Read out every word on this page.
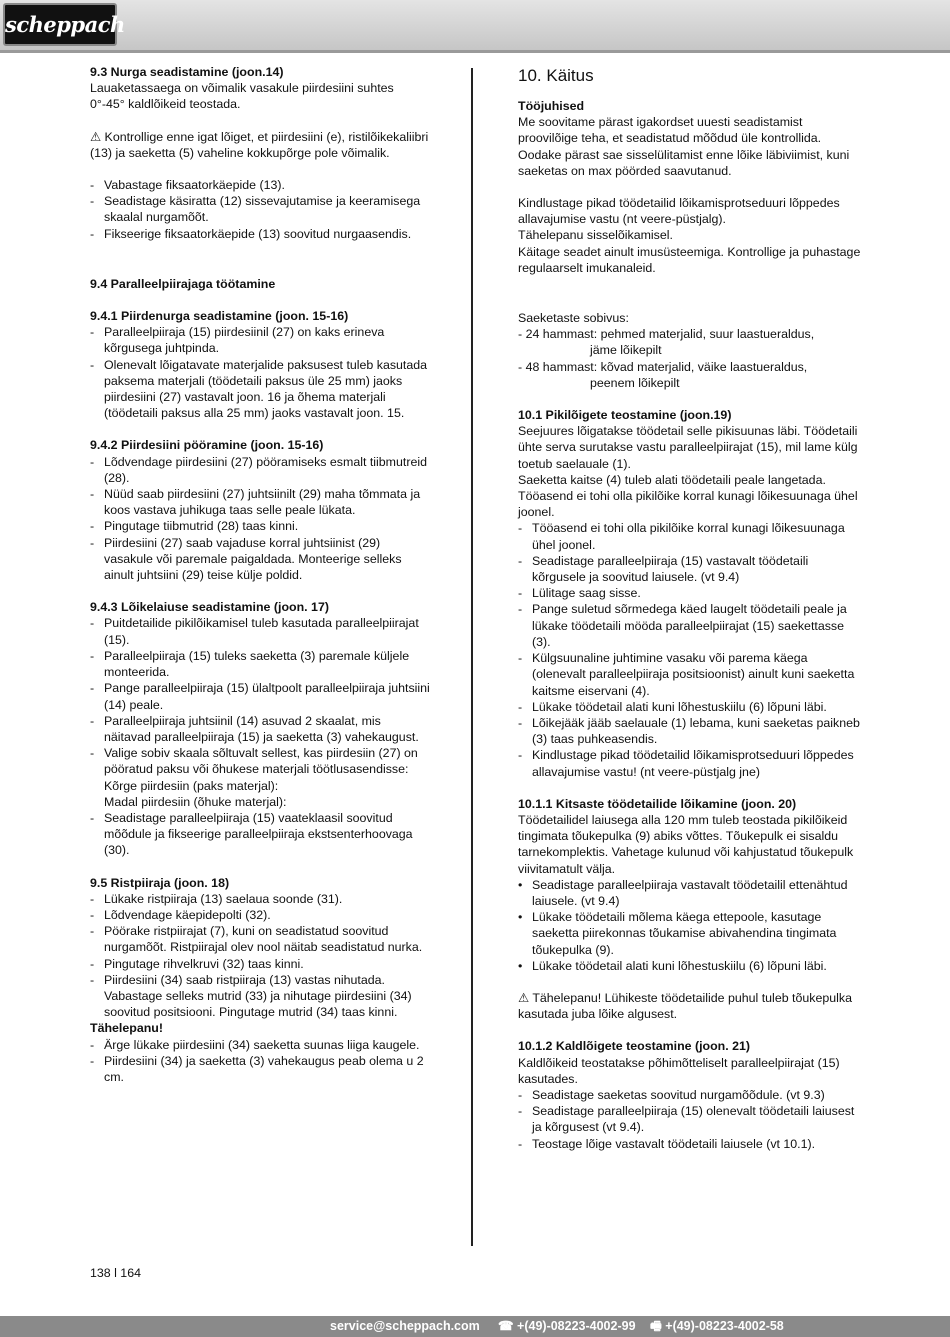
scheppach

9.3 Nurga seadistamine (joon.14)

Lauaketassaega on võimalik vasakule piirdesiini suhtes 0°-45° kaldlõikeid teostada.

⚠ Kontrollige enne igat lõiget, et piirdesiini (e), ristilõikekaliibri (13) ja saeketta (5) vaheline kokkupõrge pole võimalik.

- Vabastage fiksaatorkäepide (13).
- Seadistage käsiratta (12) sissevajutamise ja keeramisega skaalal nurgamõõt.
- Fikseerige fiksaatorkäepide (13) soovitud nurgaasendis.

9.4 Paralleelpiirajaga töötamine

9.4.1 Piirdenurga seadistamine (joon. 15-16)

- Paralleelpiiraja (15) piirdesiinil (27) on kaks erineva kõrgusega juhtpinda.
- Olenevalt lõigatavate materjalide paksusest tuleb kasutada paksema materjali (töödetaili paksus üle 25 mm) jaoks piirdesiini (27) vastavalt joon. 16 ja õhema materjali (töödetaili paksus alla 25 mm) jaoks vastavalt joon. 15.

9.4.2 Piirdesiini pööramine (joon. 15-16)

- Lõdvendage piirdesiini (27) pööramiseks esmalt tiibmutreid (28).
- Nüüd saab piirdesiini (27) juhtsiinilt (29) maha tõmmata ja koos vastava juhikuga taas selle peale lükata.
- Pingutage tiibmutrid (28) taas kinni.
- Piirdesiini (27) saab vajaduse korral juhtsiinist (29) vasakule või paremale paigaldada. Monteerige selleks ainult juhtsiini (29) teise külje poldid.

9.4.3 Lõikelaiuse seadistamine (joon. 17)

- Puitdetailide pikilõikamisel tuleb kasutada paralleelpiirajat (15).
- Paralleelpiiraja (15) tuleks saeketta (3) paremale küljele monteerida.
- Pange paralleelpiiraja (15) ülaltpoolt paralleelpiiraja juhtsiini (14) peale.
- Paralleelpiiraja juhtsiinil (14) asuvad 2 skaalat, mis näitavad paralleelpiiraja (15) ja saeketta (3) vahekaugust.
- Valige sobiv skaala sõltuvalt sellest, kas piirdesiin (27) on pööratud paksu või õhukese materjali töötlusasendisse:
Kõrge piirdesiin (paks materjal):
Madal piirdesiin (õhuke materjal):
- Seadistage paralleelpiiraja (15) vaateklaasil soovitud mõõdule ja fikseerige paralleelpiiraja ekstsenterhoovaga (30).

9.5 Ristpiiraja (joon. 18)

- Lükake ristpiiraja (13) saelaua soonde (31).
- Lõdvendage käepidepolti (32).
- Pöörake ristpiirajat (7), kuni on seadistatud soovitud nurgamõõt. Ristpiirajal olev nool näitab seadistatud nurka.
- Pingutage rihvelkruvi (32) taas kinni.
- Piirdesiini (34) saab ristpiiraja (13) vastas nihutada. Vabastage selleks mutrid (33) ja nihutage piirdesiini (34) soovitud positsiooni. Pingutage mutrid (34) taas kinni.

Tähelepanu!

- Ärge lükake piirdesiini (34) saeketta suunas liiga kaugele.
- Piirdesiini (34) ja saeketta (3) vahekaugus peab olema u 2 cm.

10. Käitus

Tööjuhised

Me soovitame pärast igakordset uuesti seadistamist proovilõige teha, et seadistatud mõõdud üle kontrollida. Oodake pärast sae sisselülitamist enne lõike läbiviimist, kuni saeketas on max pöörded saavutanud.

Kindlustage pikad töödetailid lõikamisprotseduuri lõppedes allavajumise vastu (nt veere-püstjalg).
Tähelepanu sisselõikamisel.
Käitage seadet ainult imusüsteemiga. Kontrollige ja puhastage regulaarselt imukanaleid.

Saeketaste sobivus:

- 24 hammast: pehmed materjalid, suur laastueraldus,

jäme lõikepilt

- 48 hammast: kõvad materjalid, väike laastueraldus,

peenem lõikepilt

10.1 Pikilõigete teostamine (joon.19)

Seejuures lõigatakse töödetail selle pikisuunas läbi. Töödetaili ühte serva surutakse vastu paralleelpiirajat (15), mil lame külg toetub saelauale (1).
Saeketta kaitse (4) tuleb alati töödetaili peale langetada. Tööasend ei tohi olla pikilõike korral kunagi lõikesuunaga ühel joonel.

- Tööasend ei tohi olla pikilõike korral kunagi lõikesuunaga ühel joonel.
- Seadistage paralleelpiiraja (15) vastavalt töödetaili kõrgusele ja soovitud laiusele. (vt 9.4)
- Lülitage saag sisse.
- Pange suletud sõrmedega käed laugelt töödetaili peale ja lükake töödetaili mööda paralleelpiirajat (15) saekettasse (3).
- Külgsuunaline juhtimine vasaku või parema käega (olenevalt paralleelpiiraja positsioonist) ainult kuni saeketta kaitsme eiservani (4).
- Lükake töödetail alati kuni lõhestuskiilu (6) lõpuni läbi.
- Lõikejääk jääb saelauale (1) lebama, kuni saeketas paikneb (3) taas puhkeasendis.
- Kindlustage pikad töödetailid lõikamisprotseduuri lõppedes allavajumise vastu! (nt veere-püstjalg jne)

10.1.1 Kitsaste töödetailide lõikamine (joon. 20)

Töödetailidel laiusega alla 120 mm tuleb teostada pikilõikeid tingimata tõukepulka (9) abiks võttes. Tõukepulk ei sisaldu tarnekomplektis. Vahetage kulunud või kahjustatud tõukepulk viivitamatult välja.

• Seadistage paralleelpiiraja vastavalt töödetailil ettenähtud laiusele. (vt 9.4)
• Lükake töödetaili mõlema käega ettepoole, kasutage saeketta piirekonnas tõukamise abivahendina tingimata tõukepulka (9).
• Lükake töödetail alati kuni lõhestuskiilu (6) lõpuni läbi.

⚠ Tähelepanu! Lühikeste töödetailide puhul tuleb tõukepulka kasutada juba lõike algusest.

10.1.2 Kaldlõigete teostamine (joon. 21)

Kaldlõikeid teostatakse põhimõtteliselt paralleelpiirajat (15) kasutades.

- Seadistage saeketas soovitud nurgamõõdule. (vt 9.3)
- Seadistage paralleelpiiraja (15) olenevalt töödetaili laiusest ja kõrgusest (vt 9.4).
- Teostage lõige vastavalt töödetaili laiusele (vt 10.1).
138 l 164
service@scheppach.com ☎ +(49)-08223-4002-99 🖷 +(49)-08223-4002-58
